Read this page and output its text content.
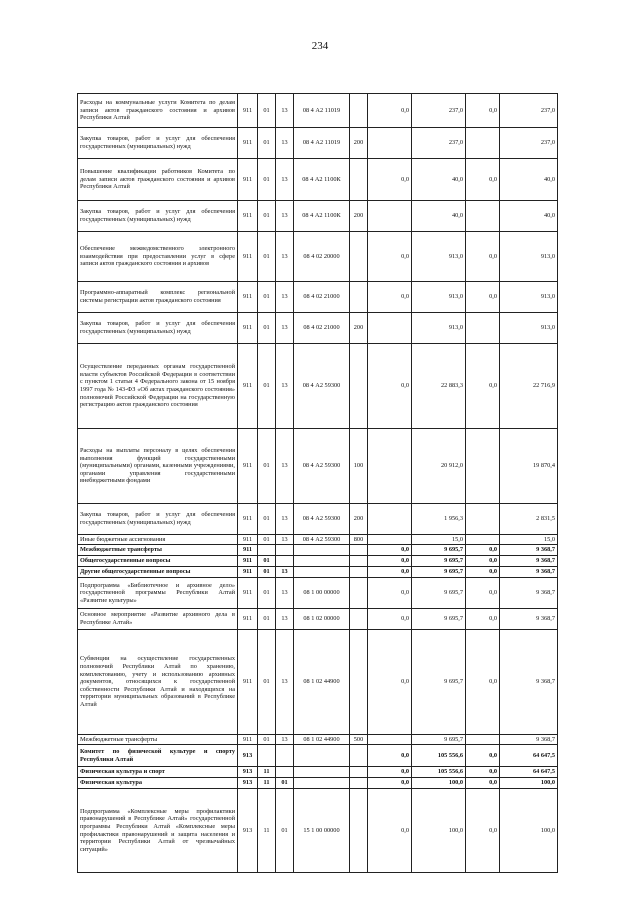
234
Расходы на коммунальные услуги Комитета по делам записи актов гражданского состояния и архивов Республики Алтай	911	01	13	08 4 А2 11019		0,0	237,0	0,0	237,0
Закупка товаров, работ и услуг для обеспечения государственных (муниципальных) нужд	911	01	13	08 4 А2 11019	200		237,0		237,0
Повышение квалификации работников Комитета по делам записи актов гражданского состояния и архивов Республики Алтай	911	01	13	08 4 А2 1100К		0,0	40,0	0,0	40,0
Закупка товаров, работ и услуг для обеспечения государственных (муниципальных) нужд	911	01	13	08 4 А2 1100К	200		40,0		40,0
Обеспечение межведомственного электронного взаимодействия при предоставлении услуг в сфере записи актов гражданского состояния и архивов	911	01	13	08 4 02 20000		0,0	913,0	0,0	913,0
Программно-аппаратный комплекс региональной системы регистрации актов гражданского состояния	911	01	13	08 4 02 21000		0,0	913,0	0,0	913,0
Закупка товаров, работ и услуг для обеспечения государственных (муниципальных) нужд	911	01	13	08 4 02 21000	200		913,0		913,0
Осуществление переданных органам государственной власти субъектов Российской Федерации в соответствии с пунктом 1 статьи 4 Федерального закона от 15 ноября 1997 года № 143-ФЗ «Об актах гражданского состояния» полномочий Российской Федерации на государственную регистрацию актов гражданского состояния	911	01	13	08 4 А2 59300		0,0	22 883,3	0,0	22 716,9
Расходы на выплаты персоналу в целях обеспечения выполнения функций государственными (муниципальными) органами, казенными учреждениями, органами управления государственными внебюджетными фондами	911	01	13	08 4 А2 59300	100		20 912,0		19 870,4
Закупка товаров, работ и услуг для обеспечения государственных (муниципальных) нужд	911	01	13	08 4 А2 59300	200		1 956,3		2 831,5
Иные бюджетные ассигнования	911	01	13	08 4 А2 59300	800		15,0		15,0
Межбюджетные трансферты	911					0,0	9 695,7	0,0	9 368,7
Общегосударственные вопросы	911	01				0,0	9 695,7	0,0	9 368,7
Другие общегосударственные вопросы	911	01	13			0,0	9 695,7	0,0	9 368,7
Подпрограмма «Библиотечное и архивное дело» государственной программы Республики Алтай «Развитие культуры»	911	01	13	08 1 00 00000		0,0	9 695,7	0,0	9 368,7
Основное мероприятие «Развитие архивного дела в Республике Алтай»	911	01	13	08 1 02 00000		0,0	9 695,7	0,0	9 368,7
Субвенции на осуществление государственных полномочий Республики Алтай по хранению, комплектованию, учету и использованию архивных документов, относящихся к государственной собственности Республики Алтай и находящихся на территории муниципальных образований в Республике Алтай	911	01	13	08 1 02 44900		0,0	9 695,7	0,0	9 368,7
Межбюджетные трансферты	911	01	13	08 1 02 44900	500		9 695,7		9 368,7
Комитет по физической культуре и спорту Республики Алтай	913					0,0	105 556,6	0,0	64 647,5
Физическая культура и спорт	913	11				0,0	105 556,6	0,0	64 647,5
Физическая культура	913	11	01			0,0	100,0	0,0	100,0
Подпрограмма «Комплексные меры профилактики правонарушений в Республике Алтай» государственной программы Республики Алтай «Комплексные меры профилактики правонарушений и защита населения и территории Республики Алтай от чрезвычайных ситуаций»	913	11	01	15 1 00 00000		0,0	100,0	0,0	100,0
